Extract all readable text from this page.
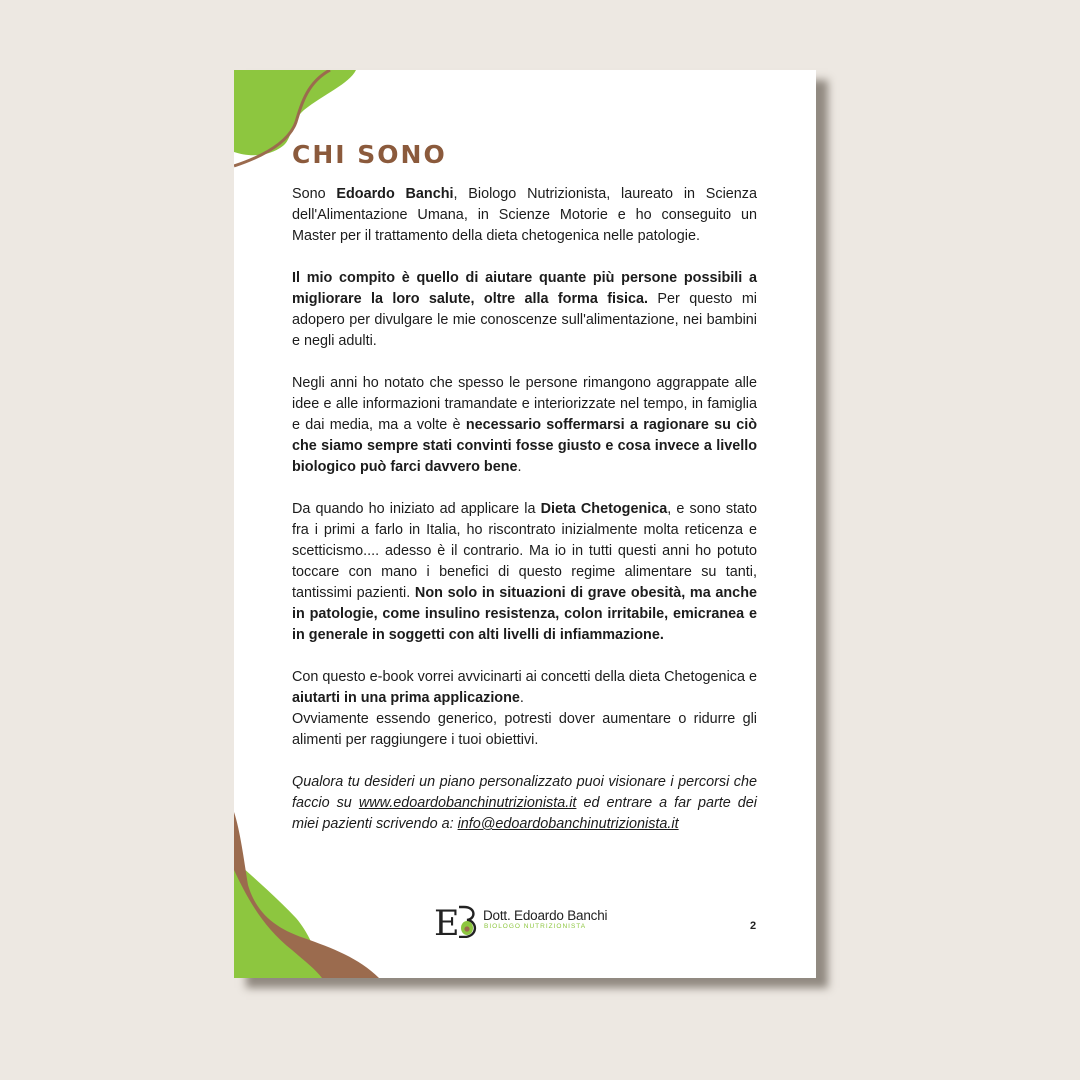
CHI SONO

Sono Edoardo Banchi, Biologo Nutrizionista, laureato in Scienza dell'Alimentazione Umana, in Scienze Motorie e ho conseguito un Master per il trattamento della dieta chetogenica nelle patologie.

Il mio compito è quello di aiutare quante più persone possibili a migliorare la loro salute, oltre alla forma fisica. Per questo mi adopero per divulgare le mie conoscenze sull'alimentazione, nei bambini e negli adulti.

Negli anni ho notato che spesso le persone rimangono aggrappate alle idee e alle informazioni tramandate e interiorizzate nel tempo, in famiglia e dai media, ma a volte è necessario soffermarsi a ragionare su ciò che siamo sempre stati convinti fosse giusto e cosa invece a livello biologico può farci davvero bene.

Da quando ho iniziato ad applicare la Dieta Chetogenica, e sono stato fra i primi a farlo in Italia, ho riscontrato inizialmente molta reticenza e scetticismo.... adesso è il contrario. Ma io in tutti questi anni ho potuto toccare con mano i benefici di questo regime alimentare su tanti, tantissimi pazienti. Non solo in situazioni di grave obesità, ma anche in patologie, come insulino resistenza, colon irritabile, emicranea e in generale in soggetti con alti livelli di infiammazione.

Con questo e-book vorrei avvicinarti ai concetti della dieta Chetogenica e aiutarti in una prima applicazione.
Ovviamente essendo generico, potresti dover aumentare o ridurre gli alimenti per raggiungere i tuoi obiettivi.

Qualora tu desideri un piano personalizzato puoi visionare i percorsi che faccio su www.edoardobanchinutrizionista.it ed entrare a far parte dei miei pazienti scrivendo a: info@edoardobanchinutrizionista.it

E Dott. Edoardo Banchi
BIOLOGO NUTRIZIONISTA	2
